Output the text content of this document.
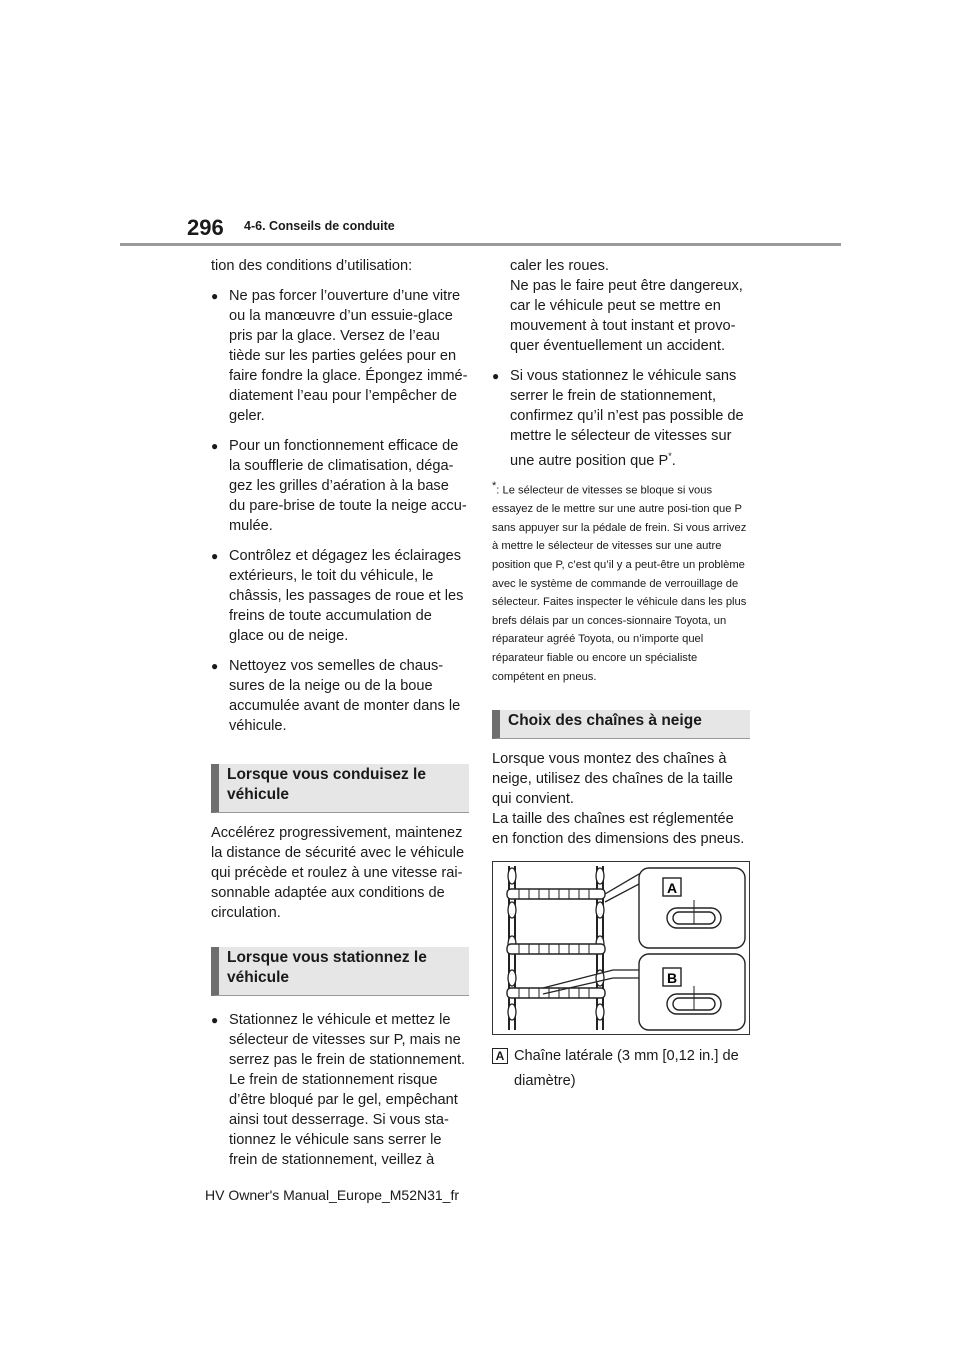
296 4-6. Conseils de conduite

tion des conditions d’utilisation:

● Ne pas forcer l’ouverture d’une vitre ou la manœuvre d’un essuie-glace pris par la glace. Versez de l’eau tiède sur les parties gelées pour en faire fondre la glace. Épongez immé-diatement l’eau pour l’empêcher de geler.
● Pour un fonctionnement efficace de la soufflerie de climatisation, déga-gez les grilles d’aération à la base du pare-brise de toute la neige accu-mulée.
● Contrôlez et dégagez les éclairages extérieurs, le toit du véhicule, le châssis, les passages de roue et les freins de toute accumulation de glace ou de neige.
● Nettoyez vos semelles de chaus-sures de la neige ou de la boue accumulée avant de monter dans le véhicule.
Lorsque vous conduisez le véhicule

Accélérez progressivement, maintenez la distance de sécurité avec le véhicule qui précède et roulez à une vitesse rai-sonnable adaptée aux conditions de circulation.

Lorsque vous stationnez le véhicule
● Stationnez le véhicule et mettez le sélecteur de vitesses sur P, mais ne serrez pas le frein de stationnement. Le frein de stationnement risque d’être bloqué par le gel, empêchant ainsi tout desserrage. Si vous sta-tionnez le véhicule sans serrer le frein de stationnement, veillez à

caler les roues.
Ne pas le faire peut être dangereux, car le véhicule peut se mettre en mouvement à tout instant et provo-quer éventuellement un accident.

● Si vous stationnez le véhicule sans serrer le frein de stationnement, confirmez qu’il n’est pas possible de mettre le sélecteur de vitesses sur une autre position que P*.

*: Le sélecteur de vitesses se bloque si vous essayez de le mettre sur une autre posi-tion que P sans appuyer sur la pédale de frein. Si vous arrivez à mettre le sélecteur de vitesses sur une autre position que P, c’est qu’il y a peut-être un problème avec le système de commande de verrouillage de sélecteur. Faites inspecter le véhicule dans les plus brefs délais par un conces-sionnaire Toyota, un réparateur agréé Toyota, ou n’importe quel réparateur fiable ou encore un spécialiste compétent en pneus.

Choix des chaînes à neige

Lorsque vous montez des chaînes à neige, utilisez des chaînes de la taille qui convient.
La taille des chaînes est réglementée en fonction des dimensions des pneus.

A
B
A Chaîne latérale (3 mm [0,12 in.] de
diamètre)
HV Owner's Manual_Europe_M52N31_fr
